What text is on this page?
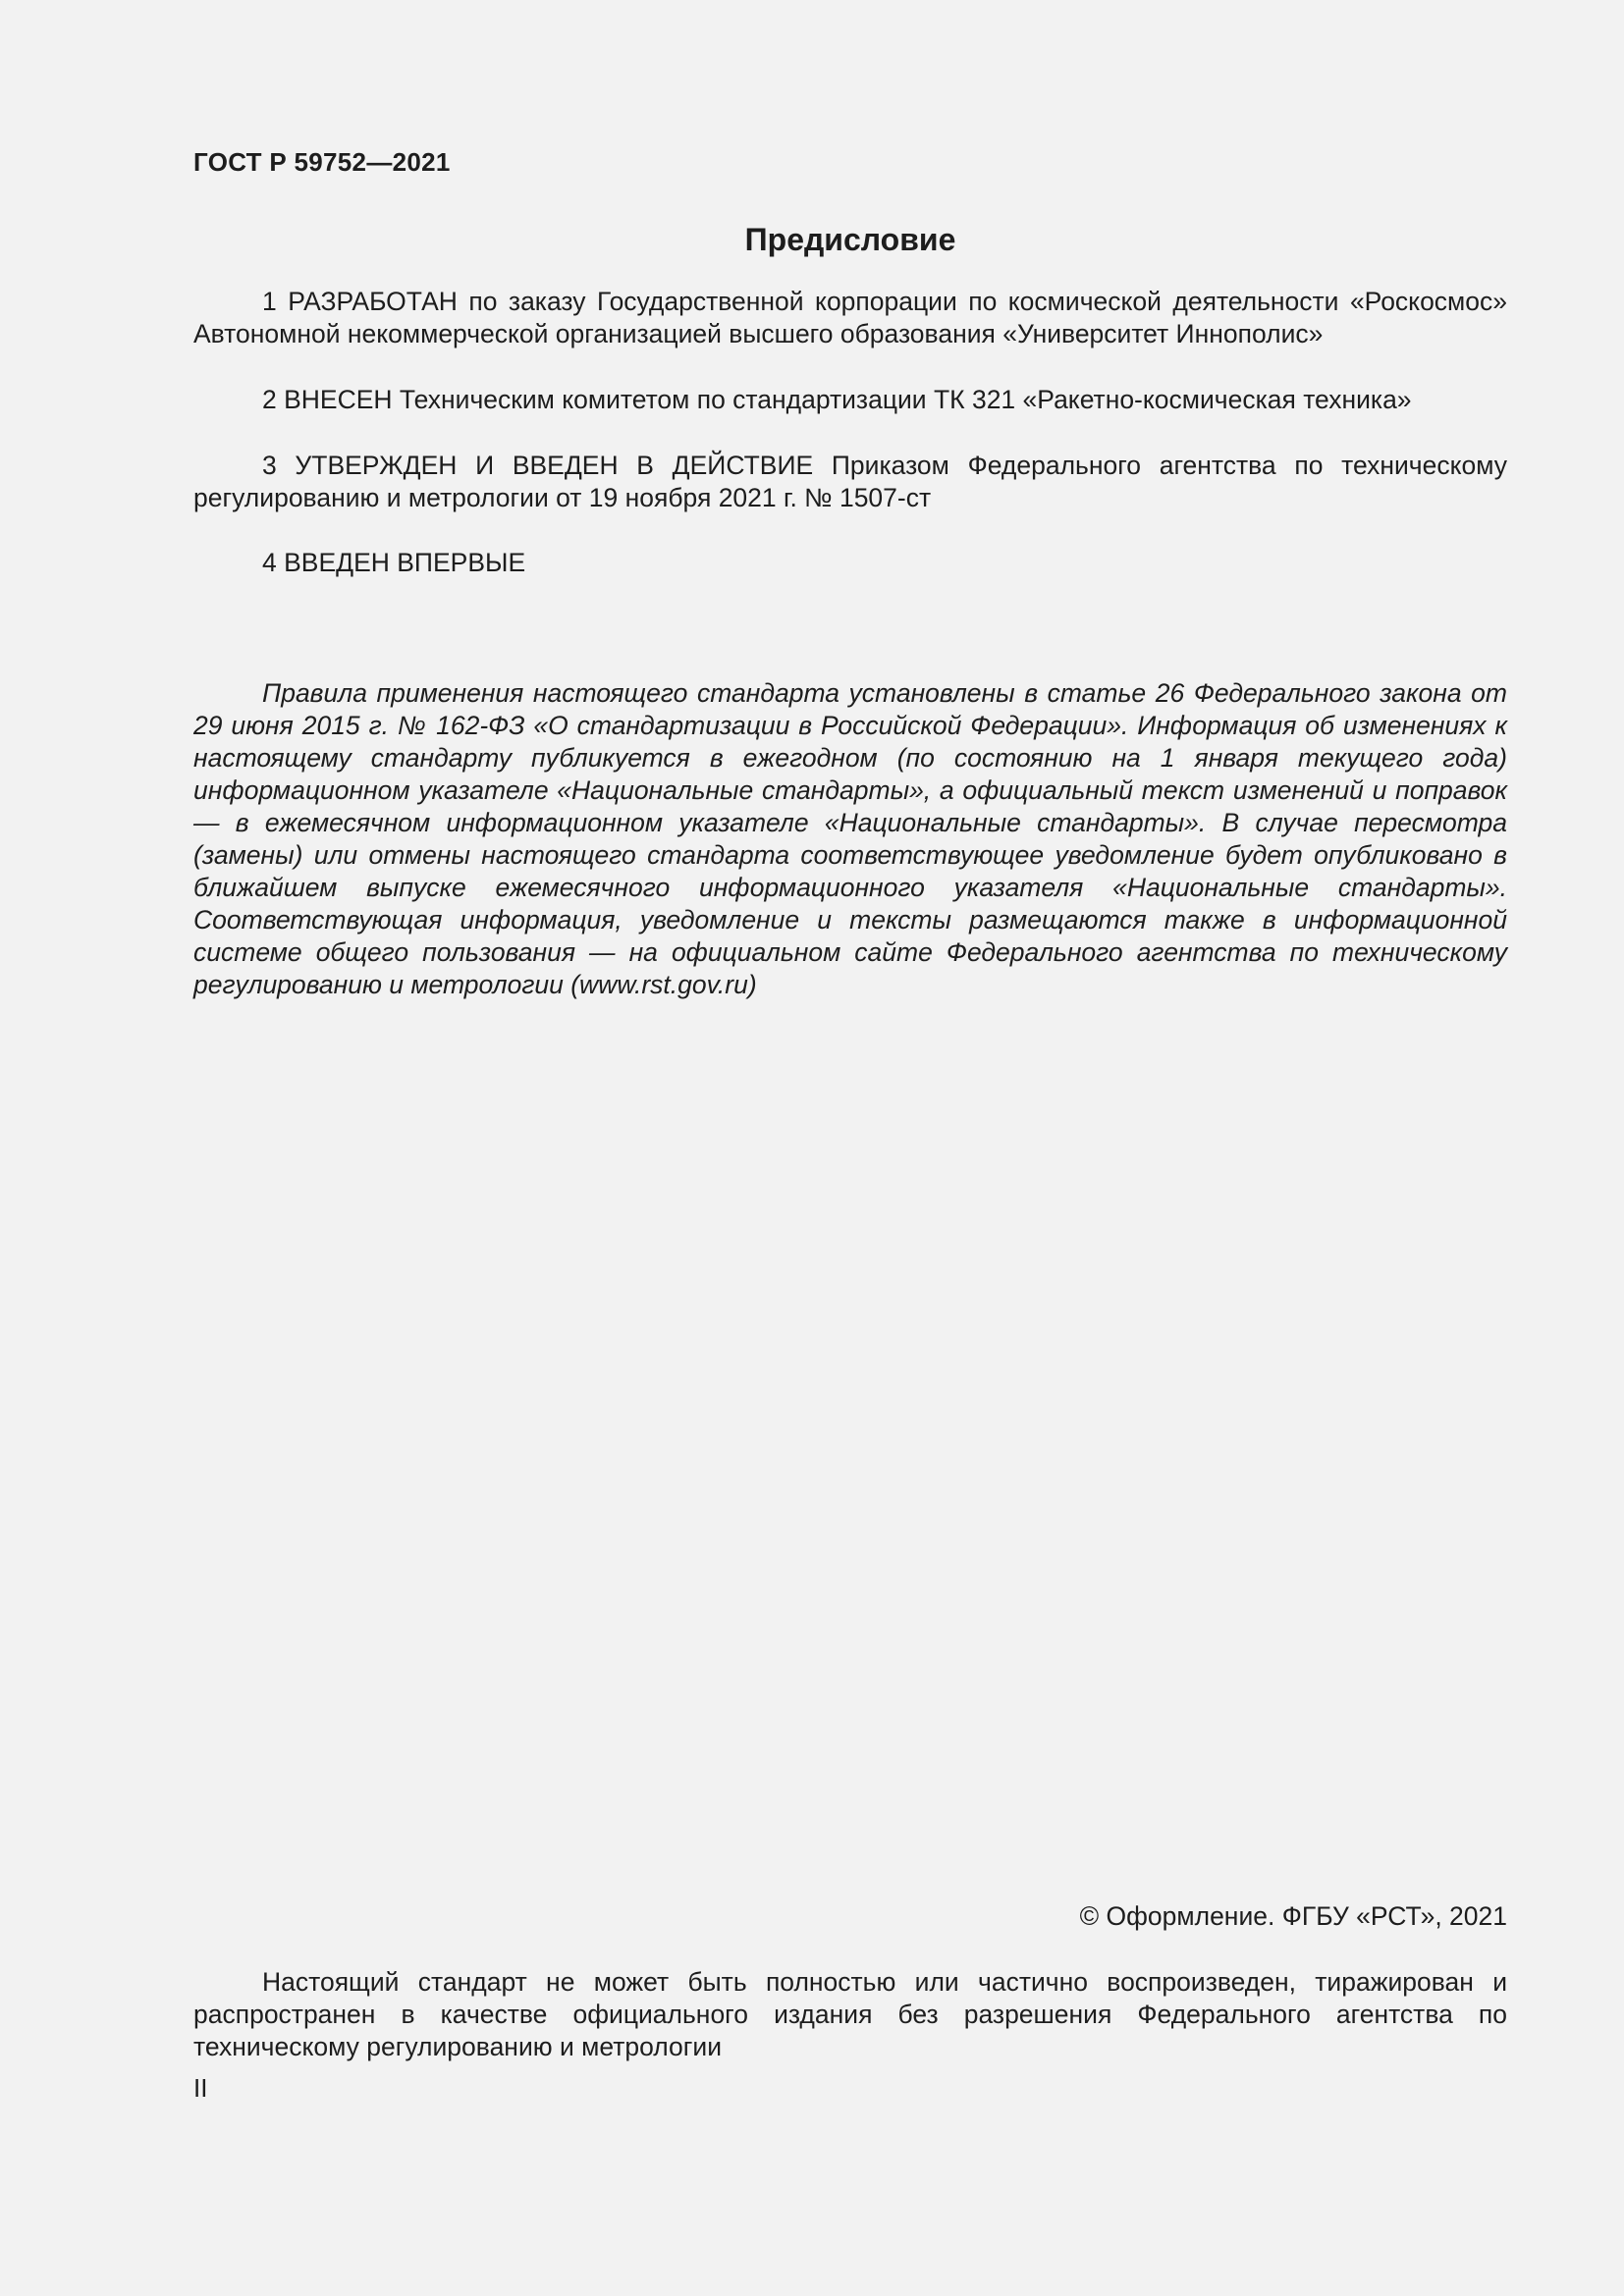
ГОСТ Р 59752—2021
Предисловие

1 РАЗРАБОТАН по заказу Государственной корпорации по космической деятельности «Роскосмос» Автономной некоммерческой организацией высшего образования «Университет Иннополис»

2 ВНЕСЕН Техническим комитетом по стандартизации ТК 321 «Ракетно-космическая техника»

3 УТВЕРЖДЕН И ВВЕДЕН В ДЕЙСТВИЕ Приказом Федерального агентства по техническому регулированию и метрологии от 19 ноября 2021 г. № 1507-ст

4 ВВЕДЕН ВПЕРВЫЕ

Правила применения настоящего стандарта установлены в статье 26 Федерального закона от 29 июня 2015 г. № 162-ФЗ «О стандартизации в Российской Федерации». Информация об изменениях к настоящему стандарту публикуется в ежегодном (по состоянию на 1 января текущего года) информационном указателе «Национальные стандарты», а официальный текст изменений и поправок — в ежемесячном информационном указателе «Национальные стандарты». В случае пересмотра (замены) или отмены настоящего стандарта соответствующее уведомление будет опубликовано в ближайшем выпуске ежемесячного информационного указателя «Национальные стандарты». Соответствующая информация, уведомление и тексты размещаются также в информационной системе общего пользования — на официальном сайте Федерального агентства по техническому регулированию и метрологии (www.rst.gov.ru)

© Оформление. ФГБУ «РСТ», 2021

Настоящий стандарт не может быть полностью или частично воспроизведен, тиражирован и распространен в качестве официального издания без разрешения Федерального агентства по техническому регулированию и метрологии

II
